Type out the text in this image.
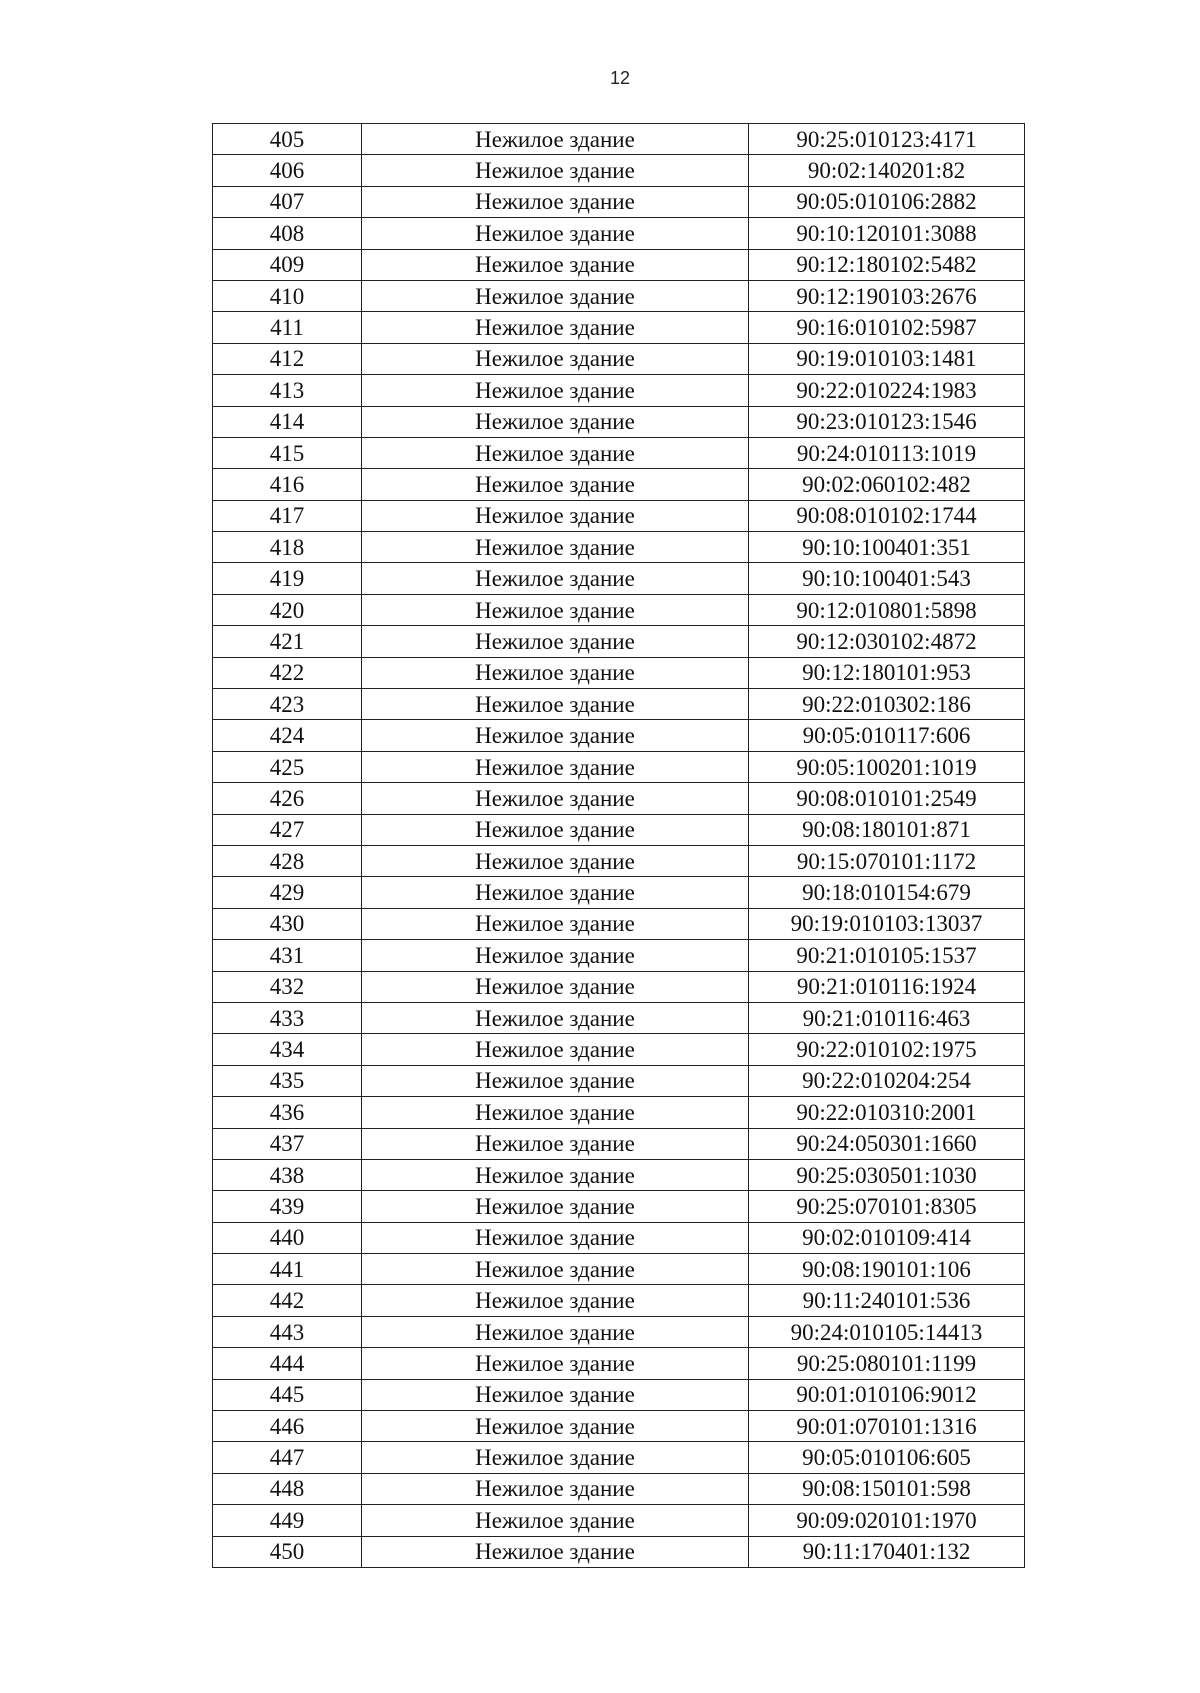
12
405	Нежилое здание	90:25:010123:4171
406	Нежилое здание	90:02:140201:82
407	Нежилое здание	90:05:010106:2882
408	Нежилое здание	90:10:120101:3088
409	Нежилое здание	90:12:180102:5482
410	Нежилое здание	90:12:190103:2676
411	Нежилое здание	90:16:010102:5987
412	Нежилое здание	90:19:010103:1481
413	Нежилое здание	90:22:010224:1983
414	Нежилое здание	90:23:010123:1546
415	Нежилое здание	90:24:010113:1019
416	Нежилое здание	90:02:060102:482
417	Нежилое здание	90:08:010102:1744
418	Нежилое здание	90:10:100401:351
419	Нежилое здание	90:10:100401:543
420	Нежилое здание	90:12:010801:5898
421	Нежилое здание	90:12:030102:4872
422	Нежилое здание	90:12:180101:953
423	Нежилое здание	90:22:010302:186
424	Нежилое здание	90:05:010117:606
425	Нежилое здание	90:05:100201:1019
426	Нежилое здание	90:08:010101:2549
427	Нежилое здание	90:08:180101:871
428	Нежилое здание	90:15:070101:1172
429	Нежилое здание	90:18:010154:679
430	Нежилое здание	90:19:010103:13037
431	Нежилое здание	90:21:010105:1537
432	Нежилое здание	90:21:010116:1924
433	Нежилое здание	90:21:010116:463
434	Нежилое здание	90:22:010102:1975
435	Нежилое здание	90:22:010204:254
436	Нежилое здание	90:22:010310:2001
437	Нежилое здание	90:24:050301:1660
438	Нежилое здание	90:25:030501:1030
439	Нежилое здание	90:25:070101:8305
440	Нежилое здание	90:02:010109:414
441	Нежилое здание	90:08:190101:106
442	Нежилое здание	90:11:240101:536
443	Нежилое здание	90:24:010105:14413
444	Нежилое здание	90:25:080101:1199
445	Нежилое здание	90:01:010106:9012
446	Нежилое здание	90:01:070101:1316
447	Нежилое здание	90:05:010106:605
448	Нежилое здание	90:08:150101:598
449	Нежилое здание	90:09:020101:1970
450	Нежилое здание	90:11:170401:132
